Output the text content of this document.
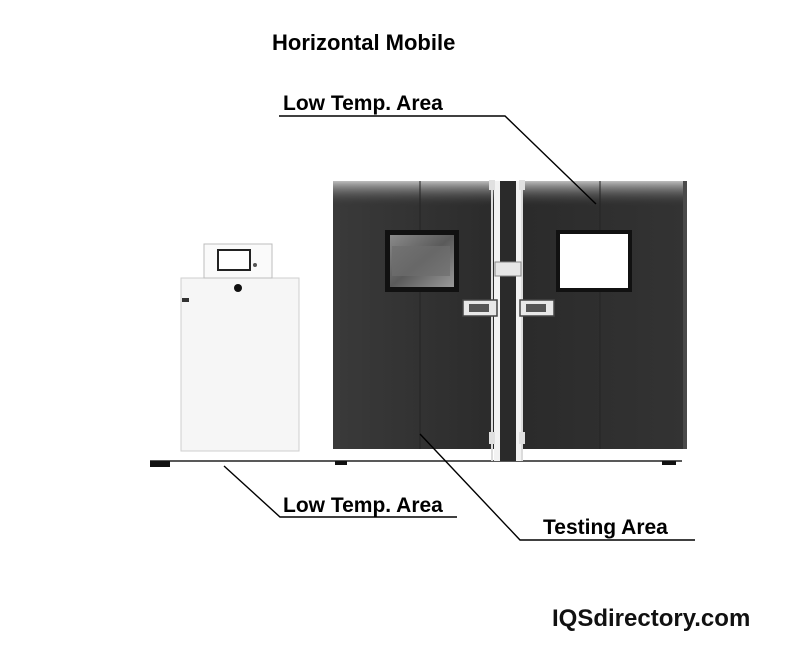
Horizontal Mobile
Low Temp. Area
Low Temp. Area
Testing Area
IQSdirectory.com
